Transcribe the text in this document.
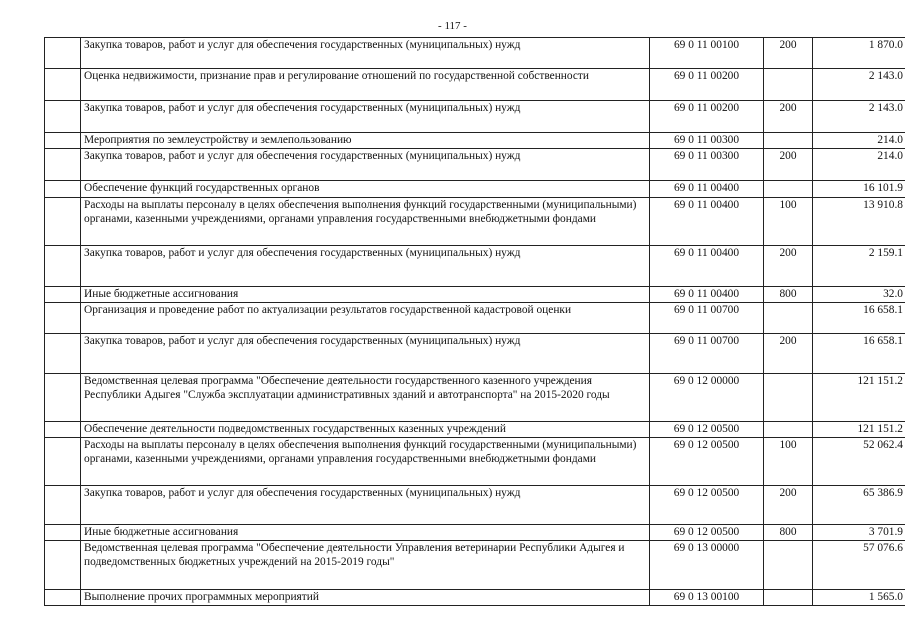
- 117 -
	Закупка товаров, работ и услуг для обеспечения государственных (муниципальных) нужд	69 0 11 00100	200	1 870.0
	Оценка недвижимости, признание прав и регулирование отношений по государственной собственности	69 0 11 00200		2 143.0
	Закупка товаров, работ и услуг для обеспечения государственных (муниципальных) нужд	69 0 11 00200	200	2 143.0
	Мероприятия по землеустройству и землепользованию	69 0 11 00300		214.0
	Закупка товаров, работ и услуг для обеспечения государственных (муниципальных) нужд	69 0 11 00300	200	214.0
	Обеспечение функций государственных органов	69 0 11 00400		16 101.9
	Расходы на выплаты персоналу в целях обеспечения выполнения функций государственными (муниципальными) органами, казенными учреждениями, органами управления государственными внебюджетными фондами	69 0 11 00400	100	13 910.8
	Закупка товаров, работ и услуг для обеспечения государственных (муниципальных) нужд	69 0 11 00400	200	2 159.1
	Иные бюджетные ассигнования	69 0 11 00400	800	32.0
	Организация и проведение работ по актуализации результатов государственной кадастровой оценки	69 0 11 00700		16 658.1
	Закупка товаров, работ и услуг для обеспечения государственных (муниципальных) нужд	69 0 11 00700	200	16 658.1
	Ведомственная целевая программа "Обеспечение деятельности государственного казенного учреждения Республики Адыгея "Служба эксплуатации административных зданий и автотранспорта" на 2015-2020 годы	69 0 12 00000		121 151.2
	Обеспечение деятельности подведомственных государственных казенных учреждений	69 0 12 00500		121 151.2
	Расходы на выплаты персоналу в целях обеспечения выполнения функций государственными (муниципальными) органами, казенными учреждениями, органами управления государственными внебюджетными фондами	69 0 12 00500	100	52 062.4
	Закупка товаров, работ и услуг для обеспечения государственных (муниципальных) нужд	69 0 12 00500	200	65 386.9
	Иные бюджетные ассигнования	69 0 12 00500	800	3 701.9
	Ведомственная целевая программа "Обеспечение деятельности Управления ветеринарии Республики Адыгея и подведомственных бюджетных учреждений на 2015-2019 годы"	69 0 13 00000		57 076.6
	Выполнение прочих программных мероприятий	69 0 13 00100		1 565.0
